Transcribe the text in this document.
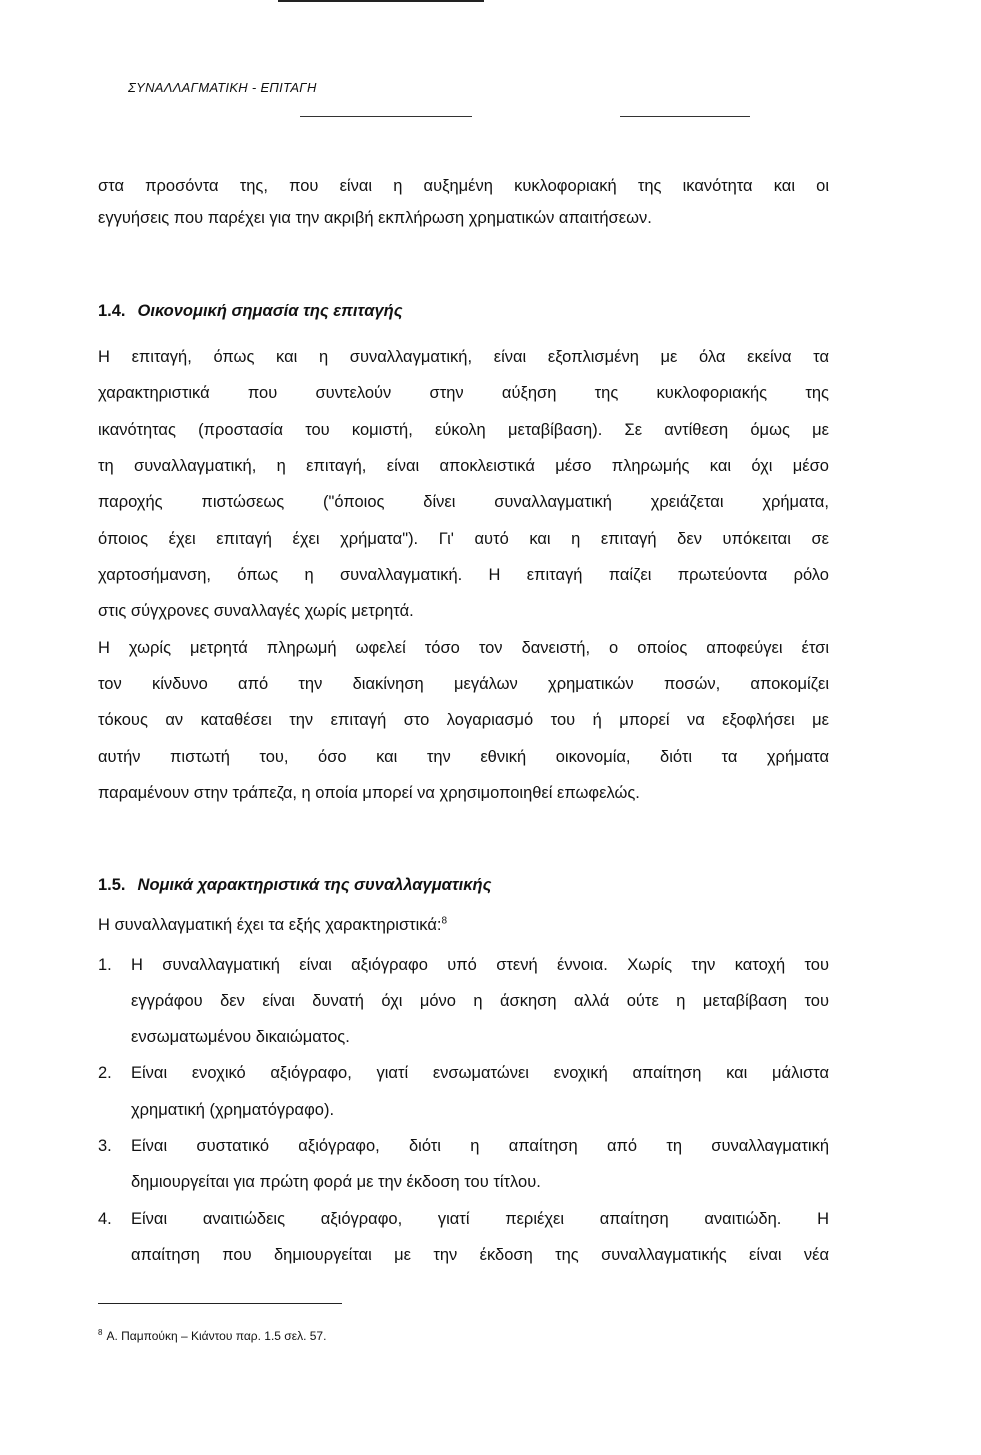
ΣΥΝΑΛΛΑΓΜΑΤΙΚΗ - ΕΠΙΤΑΓΗ
στα προσόντα της, που είναι η αυξημένη κυκλοφοριακή της ικανότητα και οι
εγγυήσεις που παρέχει για την ακριβή εκπλήρωση χρηματικών απαιτήσεων.
1.4. Οικονομική σημασία της επιταγής
Η επιταγή, όπως και η συναλλαγματική, είναι εξοπλισμένη με όλα εκείνα τα
χαρακτηριστικά που συντελούν στην αύξηση της κυκλοφοριακής της
ικανότητας (προστασία του κομιστή, εύκολη μεταβίβαση). Σε αντίθεση όμως με
τη συναλλαγματική, η επιταγή, είναι αποκλειστικά μέσο πληρωμής και όχι μέσο
παροχής πιστώσεως ("όποιος δίνει συναλλαγματική χρειάζεται χρήματα,
όποιος έχει επιταγή έχει χρήματα"). Γι' αυτό και η επιταγή δεν υπόκειται σε
χαρτοσήμανση, όπως η συναλλαγματική. Η επιταγή παίζει πρωτεύοντα ρόλο
στις σύγχρονες συναλλαγές χωρίς μετρητά.
Η χωρίς μετρητά πληρωμή ωφελεί τόσο τον δανειστή, ο οποίος αποφεύγει έτσι
τον κίνδυνο από την διακίνηση μεγάλων χρηματικών ποσών, αποκομίζει
τόκους αν καταθέσει την επιταγή στο λογαριασμό του ή μπορεί να εξοφλήσει με
αυτήν πιστωτή του, όσο και την εθνική οικονομία, διότι τα χρήματα
παραμένουν στην τράπεζα, η οποία μπορεί να χρησιμοποιηθεί επωφελώς.
1.5. Νομικά χαρακτηριστικά της συναλλαγματικής
Η συναλλαγματική έχει τα εξής χαρακτηριστικά:$^8$
1. Η συναλλαγματική είναι αξιόγραφο υπό στενή έννοια. Χωρίς την κατοχή του
εγγράφου δεν είναι δυνατή όχι μόνο η άσκηση αλλά ούτε η μεταβίβαση του
ενσωματωμένου δικαιώματος.
2. Είναι ενοχικό αξιόγραφο, γιατί ενσωματώνει ενοχική απαίτηση και μάλιστα
χρηματική (χρηματόγραφο).
3. Είναι συστατικό αξιόγραφο, διότι η απαίτηση από τη συναλλαγματική
δημιουργείται για πρώτη φορά με την έκδοση του τίτλου.
4. Είναι αναιτιώδεις αξιόγραφο, γιατί περιέχει απαίτηση αναιτιώδη. Η
απαίτηση που δημιουργείται με την έκδοση της συναλλαγματικής είναι νέα
$^8$ Α. Παμπούκη – Κιάντου παρ. 1.5 σελ. 57.
